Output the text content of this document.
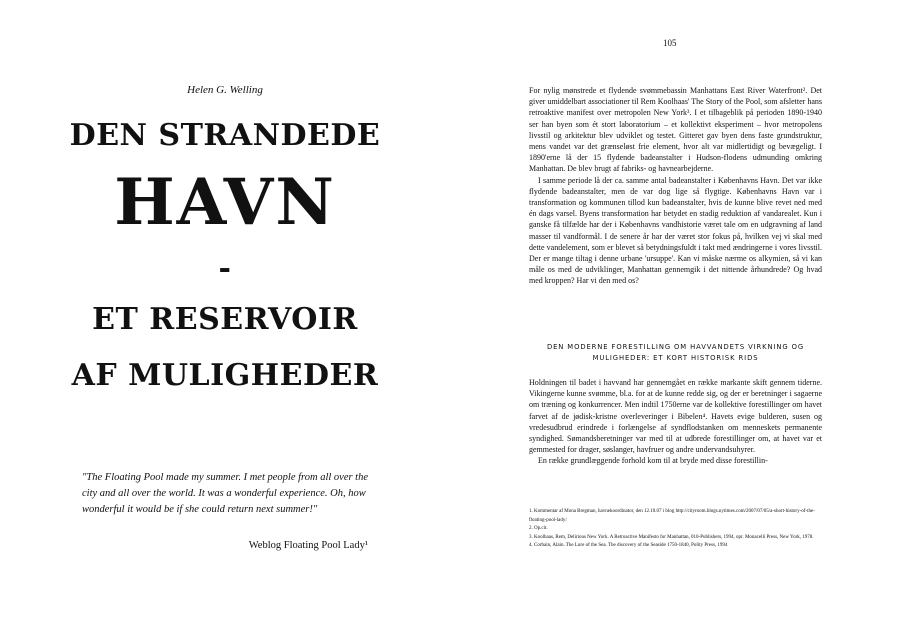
Helen G. Welling
DEN STRANDEDE
HAVN
-
ET RESERVOIR
AF MULIGHEDER
"The Floating Pool made my summer. I met people from all over the city and all over the world. It was a wonderful experience. Oh, how wonderful it would be if she could return next summer!"
Weblog Floating Pool Lady¹
105

For nylig mønstrede et flydende svømmebassin Manhattans East River Waterfront². Det giver umiddelbart associationer til Rem Koolhaas' The Story of the Pool, som afsletter hans retroaktive manifest over metropolen New York³. I et tilbageblik på perioden 1890-1940 ser han byen som ét stort laboratorium – et kollektivt eksperiment – hvor metropolens livsstil og arkitektur blev udviklet og testet. Gitteret gav byen dens faste grundstruktur, mens vandet var det grænseløst frie element, hvor alt var midlertidigt og bevægeligt. I 1890'erne lå der 15 flydende badeanstalter i Hudson-flodens udmunding omkring Manhattan. De blev brugt af fabriks- og havnearbejderne.

I samme periode lå der ca. samme antal badeanstalter i Københavns Havn. Det var ikke flydende badeanstalter, men de var dog lige så flygtige. Københavns Havn var i transformation og kommunen tillod kun badeanstalter, hvis de kunne blive revet ned med én dags varsel. Byens transformation har betydet en stadig reduktion af vandarealet. Kun i ganske få tilfælde har der i Københavns vandhistorie været tale om en udgravning af land masser til vandformål. I de senere år har der været stor fokus på, hvilken vej vi skal med dette vandelement, som er blevet så betydningsfuldt i takt med ændringerne i vores livsstil. Der er mange tiltag i denne urbane 'ursuppe'. Kan vi måske nærme os alkymien, så vi kan måle os med de udviklinger, Manhattan gennemgik i det nittende århundrede? Og hvad med kroppen? Har vi den med os?

DEN MODERNE FORESTILLING OM HAVVANDETS VIRKNING OG MULIGHEDER: ET KORT HISTORISK RIDS

Holdningen til badet i havvand har gennemgået en række markante skift gennem tiderne. Vikingerne kunne svømme, bl.a. for at de kunne redde sig, og der er beretninger i sagaerne om træning og konkurrencer. Men indtil 1750erne var de kollektive forestillinger om havet farvet af de jødisk-kristne overleveringer i Bibelen⁴. Havets evige bulderen, susen og vredesudbrud erindrede i forlængelse af syndflodstanken om menneskets permanente syndighed. Sømandsberetninger var med til at udbrede forestillinger om, at havet var et gemmested for drager, søslanger, havfruer og andre undervandsuhyrer.

En række grundlæggende forhold kom til at bryde med disse forestillin-

1. Kommentar af Mona Bregman, havnekoordinator, den 12.10.07 i blog http://cityroom.blogs.nytimes.com/2007/07/05/a-short-history-of-the-floating-pool-lady/
2. Op.cit.
3. Koolhaas, Rem, Delirious New York. A Retroactive Manifesto for Manhattan, 010-Publishers, 1994, opr. Monacelli Press, New York, 1978.
4. Corbain, Alain. The Lure of the Sea. The discovery of the Seaside 1750-1840, Polity Press, 1994
